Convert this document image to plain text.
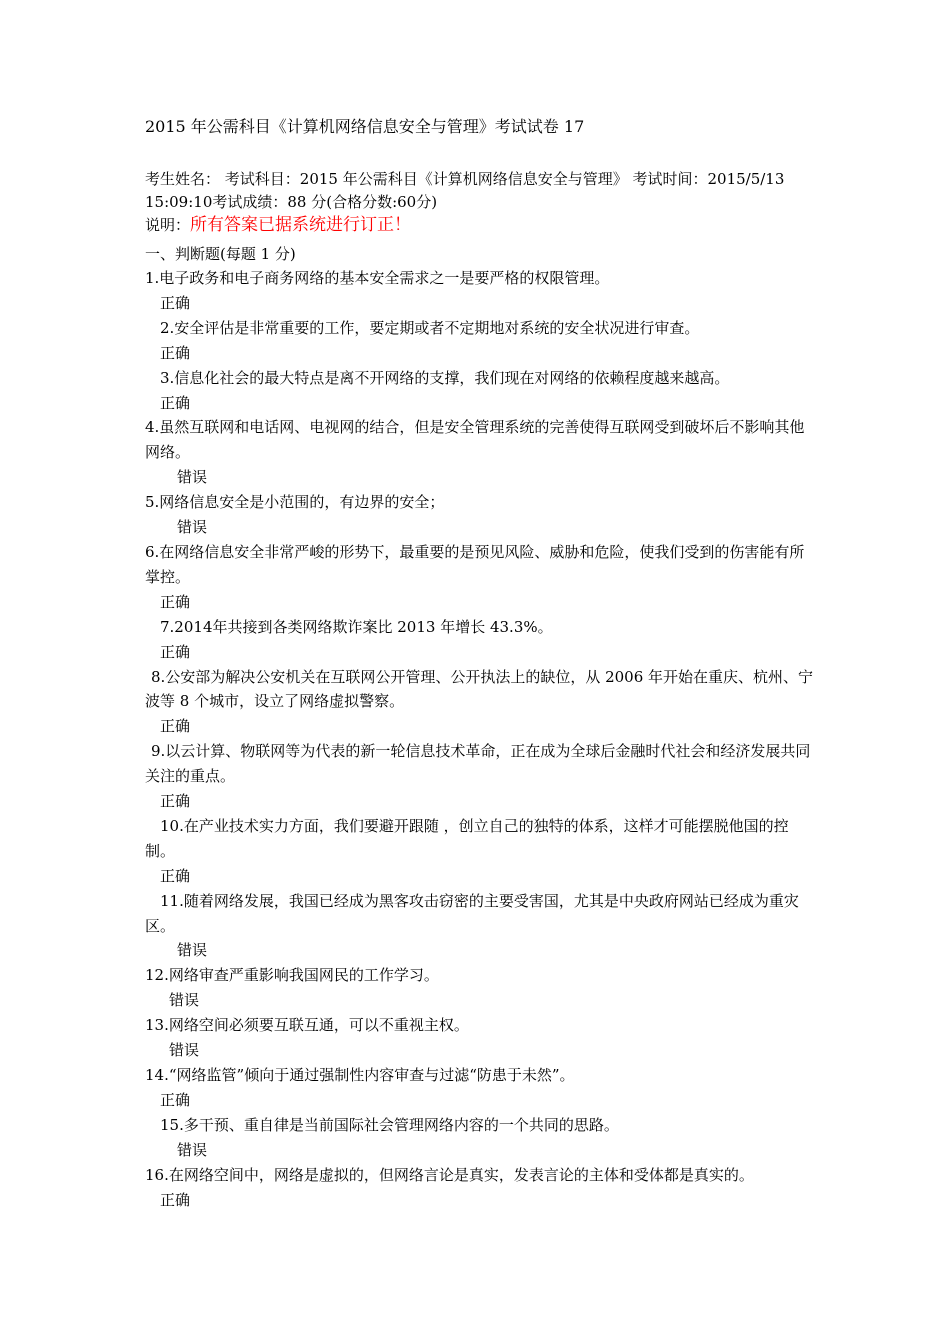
2015 年公需科目《计算机网络信息安全与管理》考试试卷 17
考生姓名： 考试科目：2015 年公需科目《计算机网络信息安全与管理》 考试时间：2015/5/13
15:09:10考试成绩：88 分(合格分数:60分)
说明：所有答案已据系统进行订正！
一、判断题(每题 1 分)
1.电子政务和电子商务网络的基本安全需求之一是要严格的权限管理。
正确
2.安全评估是非常重要的工作，要定期或者不定期地对系统的安全状况进行审查。
正确
3.信息化社会的最大特点是离不开网络的支撑，我们现在对网络的依赖程度越来越高。
正确
4.虽然互联网和电话网、电视网的结合，但是安全管理系统的完善使得互联网受到破坏后不影响其他网络。
错误
5.网络信息安全是小范围的，有边界的安全；
错误
6.在网络信息安全非常严峻的形势下，最重要的是预见风险、威胁和危险，使我们受到的伤害能有所掌控。
正确
7.2014年共接到各类网络欺诈案比 2013 年增长 43.3%。
正确
8.公安部为解决公安机关在互联网公开管理、公开执法上的缺位，从 2006 年开始在重庆、杭州、宁波等 8 个城市，设立了网络虚拟警察。
正确
9.以云计算、物联网等为代表的新一轮信息技术革命，正在成为全球后金融时代社会和经济发展共同关注的重点。
正确
10.在产业技术实力方面，我们要避开跟随 ，创立自己的独特的体系，这样才可能摆脱他国的控制。
正确
11.随着网络发展，我国已经成为黑客攻击窃密的主要受害国，尤其是中央政府网站已经成为重灾区。
错误
12.网络审查严重影响我国网民的工作学习。
错误
13.网络空间必须要互联互通，可以不重视主权。
错误
14.“网络监管”倾向于通过强制性内容审查与过滤“防患于未然”。
正确
15.多干预、重自律是当前国际社会管理网络内容的一个共同的思路。
错误
16.在网络空间中，网络是虚拟的，但网络言论是真实，发表言论的主体和受体都是真实的。
正确
